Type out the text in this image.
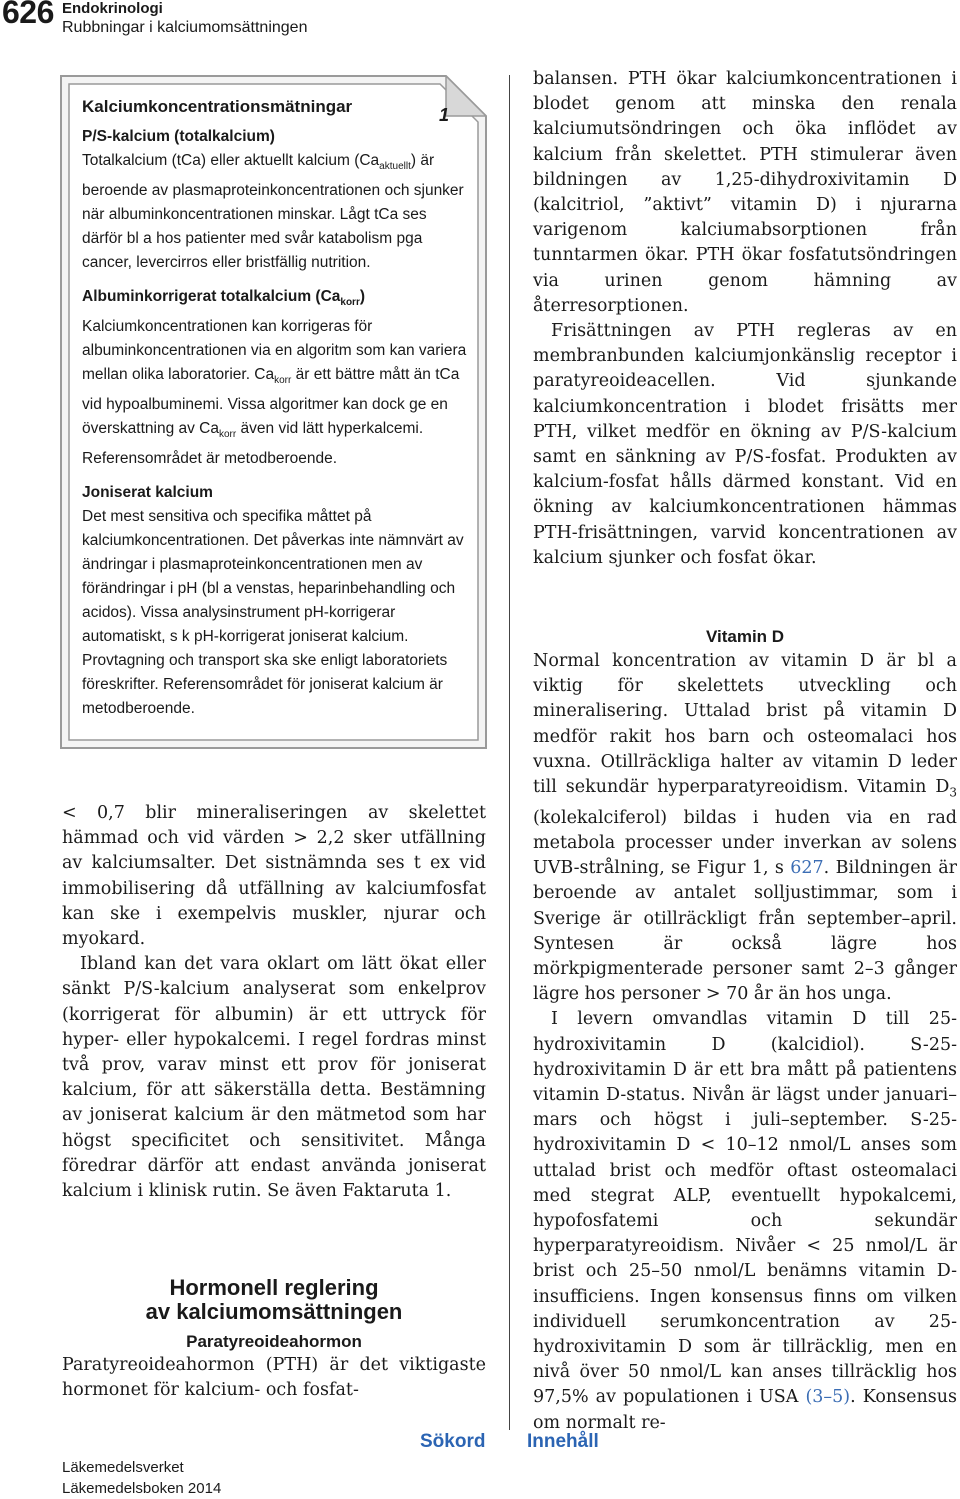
626 Endokrinologi
Rubbningar i kalciumomsättningen
1
Kalciumkoncentrationsmätningar
P/S-kalcium (totalkalcium)

Totalkalcium (tCa) eller aktuellt kalcium $(Ca_{aktuellt})$ är beroende av plasmaproteinkoncentrationen och sjunker när albuminkoncentrationen minskar. Lågt tCa ses därför bl a hos patienter med svår katabolism pga cancer, levercirros eller bristfällig nutrition.

Albuminkorrigerat totalkalcium $(Ca_{korr})$

Kalciumkoncentrationen kan korrigeras för albuminkoncentrationen via en algoritm som kan variera mellan olika laboratorier. $Ca_{korr}$ är ett bättre mått än tCa vid hypoalbuminemi. Vissa algoritmer kan dock ge en överskattning av $Ca_{korr}$ även vid lätt hyperkalcemi. Referensområdet är metodberoende.

Joniserat kalcium

Det mest sensitiva och specifika måttet på kalciumkoncentrationen. Det påverkas inte nämnvärt av ändringar i plasmaproteinkoncentrationen men av förändringar i pH (bl a venstas, heparinbehandling och acidos). Vissa analysinstrument pH-korrigerar automatiskt, s k pH-korrigerat joniserat kalcium. Provtagning och transport ska ske enligt laboratoriets föreskrifter. Referensområdet för joniserat kalcium är metodberoende.

< 0,7 blir mineraliseringen av skelettet hämmad och vid värden > 2,2 sker utfällning av kalciumsalter. Det sistnämnda ses t ex vid immobilisering då utfällning av kalciumfosfat kan ske i exempelvis muskler, njurar och myokard.

Ibland kan det vara oklart om lätt ökat eller sänkt P/S-kalcium analyserat som enkelprov (korrigerat för albumin) är ett uttryck för hyper- eller hypokalcemi. I regel fordras minst två prov, varav minst ett prov för joniserat kalcium, för att säkerställa detta. Bestämning av joniserat kalcium är den mätmetod som har högst specificitet och sensitivitet. Många föredrar därför att endast använda joniserat kalcium i klinisk rutin. Se även Faktaruta 1.

Hormonell reglering
av kalciumomsättningen
Paratyreoideahormon

Paratyreoideahormon (PTH) är det viktigaste hormonet för kalcium- och fosfat-

balansen. PTH ökar kalciumkoncentrationen i blodet genom att minska den renala kalciumutsöndringen och öka inflödet av kalcium från skelettet. PTH stimulerar även bildningen av 1,25-dihydroxivitamin D (kalcitriol, ”aktivt” vitamin D) i njurarna varigenom kalciumabsorptionen från tunntarmen ökar. PTH ökar fosfatutsöndringen via urinen genom hämning av återresorptionen.

Frisättningen av PTH regleras av en membranbunden kalciumjonkänslig receptor i paratyreoideacellen. Vid sjunkande kalciumkoncentration i blodet frisätts mer PTH, vilket medför en ökning av P/S-kalcium samt en sänkning av P/S-fosfat. Produkten av kalcium-fosfat hålls därmed konstant. Vid en ökning av kalciumkoncentrationen hämmas PTH-frisättningen, varvid koncentrationen av kalcium sjunker och fosfat ökar.

Vitamin D

Normal koncentration av vitamin D är bl a viktig för skelettets utveckling och mineralisering. Uttalad brist på vitamin D medför rakit hos barn och osteomalaci hos vuxna. Otillräckliga halter av vitamin D leder till sekundär hyperparatyreoidism. Vitamin $D_3$ (kolekalciferol) bildas i huden via en rad metabola processer under inverkan av solens UVB-strålning, se Figur 1, s 627. Bildningen är beroende av antalet solljustimmar, som i Sverige är otillräckligt från september–april. Syntesen är också lägre hos mörkpigmenterade personer samt 2–3 gånger lägre hos personer > 70 år än hos unga.

I levern omvandlas vitamin D till 25-hydroxivitamin D (kalcidiol). S-25-hydroxivitamin D är ett bra mått på patientens vitamin D-status. Nivån är lägst under januari–mars och högst i juli–september. S-25-hydroxivitamin D < 10–12 nmol/L anses som uttalad brist och medför oftast osteomalaci med stegrat ALP, eventuellt hypokalcemi, hypofosfatemi och sekundär hyperparatyreoidism. Nivåer < 25 nmol/L är brist och 25–50 nmol/L benämns vitamin D-insufficiens. Ingen konsensus finns om vilken individuell serumkoncentration av 25-hydroxivitamin D som är tillräcklig, men en nivå över 50 nmol/L kan anses tillräcklig hos 97,5% av populationen i USA (3–5). Konsensus om normalt re-

Sökord Innehåll
Läkemedelsverket
Läkemedelsboken 2014
